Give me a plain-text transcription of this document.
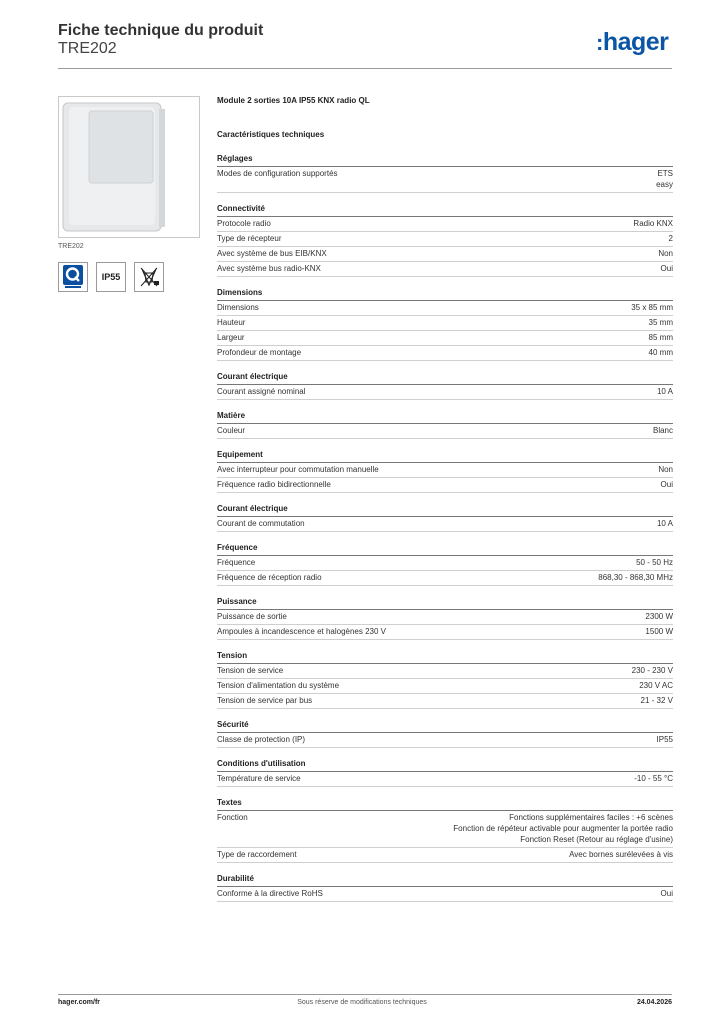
Fiche technique du produit
TRE202	:hager
TRE202
IP55
Module 2 sorties 10A IP55 KNX radio QL
Caractéristiques techniques
Réglages
Modes de configuration supportés	ETS
easy
Connectivité
Protocole radio	Radio KNX
Type de récepteur	2
Avec système de bus EIB/KNX	Non
Avec système bus radio-KNX	Oui
Dimensions
Dimensions	35 x 85 mm
Hauteur	35 mm
Largeur	85 mm
Profondeur de montage	40 mm
Courant électrique
Courant assigné nominal	10 A
Matière
Couleur	Blanc
Equipement
Avec interrupteur pour commutation manuelle	Non
Fréquence radio bidirectionnelle	Oui
Courant électrique
Courant de commutation	10 A
Fréquence
Fréquence	50 - 50 Hz
Fréquence de réception radio	868,30 - 868,30 MHz
Puissance
Puissance de sortie	2300 W
Ampoules à incandescence et halogènes 230 V	1500 W
Tension
Tension de service	230 - 230 V
Tension d'alimentation du système	230 V AC
Tension de service par bus	21 - 32 V
Sécurité
Classe de protection (IP)	IP55
Conditions d'utilisation
Température de service	-10 - 55 °C
Textes
Fonction	Fonctions supplémentaires faciles : +6 scènes
Fonction de répéteur activable pour augmenter la portée radio
Fonction Reset (Retour au réglage d'usine)
Type de raccordement	Avec bornes surélevées à vis
Durabilité
Conforme à la directive RoHS	Oui
hager.com/fr	Sous réserve de modifications techniques	24.04.2026
